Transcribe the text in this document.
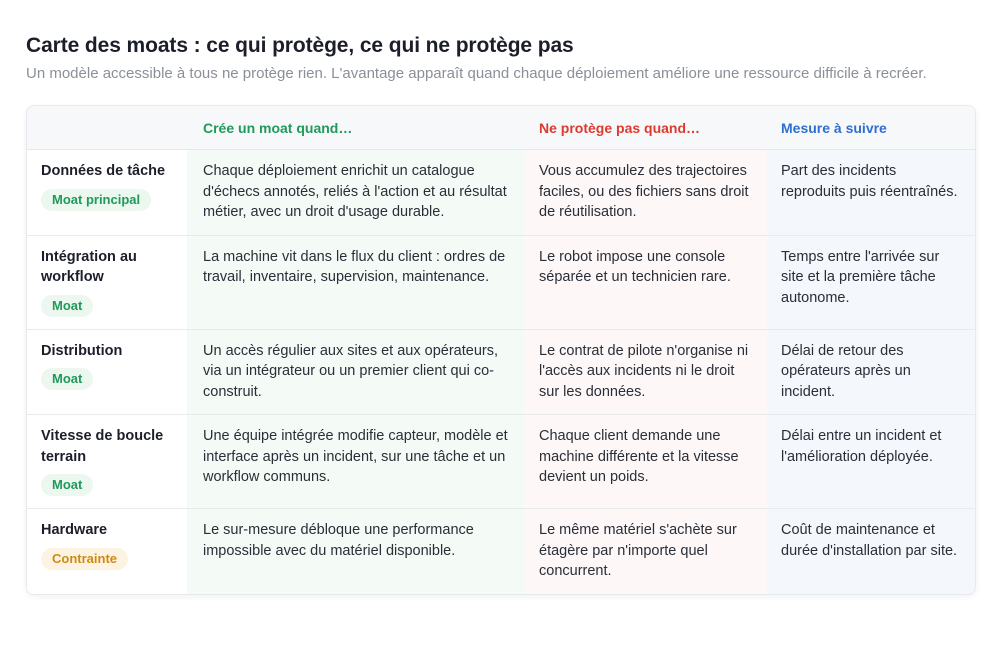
Carte des moats : ce qui protège, ce qui ne protège pas
Un modèle accessible à tous ne protège rien. L'avantage apparaît quand chaque déploiement améliore une ressource difficile à recréer.
	Crée un moat quand…	Ne protège pas quand…	Mesure à suivre

Données de tâche
Moat principal	Chaque déploiement enrichit un catalogue d'échecs annotés, reliés à l'action et au résultat métier, avec un droit d'usage durable.	Vous accumulez des trajectoires faciles, ou des fichiers sans droit de réutilisation.	Part des incidents reproduits puis réentraînés.

Intégration au workflow
Moat	La machine vit dans le flux du client : ordres de travail, inventaire, supervision, maintenance.	Le robot impose une console séparée et un technicien rare.	Temps entre l'arrivée sur site et la première tâche autonome.

Distribution
Moat	Un accès régulier aux sites et aux opérateurs, via un intégrateur ou un premier client qui co-construit.	Le contrat de pilote n'organise ni l'accès aux incidents ni le droit sur les données.	Délai de retour des opérateurs après un incident.

Vitesse de boucle terrain
Moat	Une équipe intégrée modifie capteur, modèle et interface après un incident, sur une tâche et un workflow communs.	Chaque client demande une machine différente et la vitesse devient un poids.	Délai entre un incident et l'amélioration déployée.

Hardware
Contrainte	Le sur-mesure débloque une performance impossible avec du matériel disponible.	Le même matériel s'achète sur étagère par n'importe quel concurrent.	Coût de maintenance et durée d'installation par site.
